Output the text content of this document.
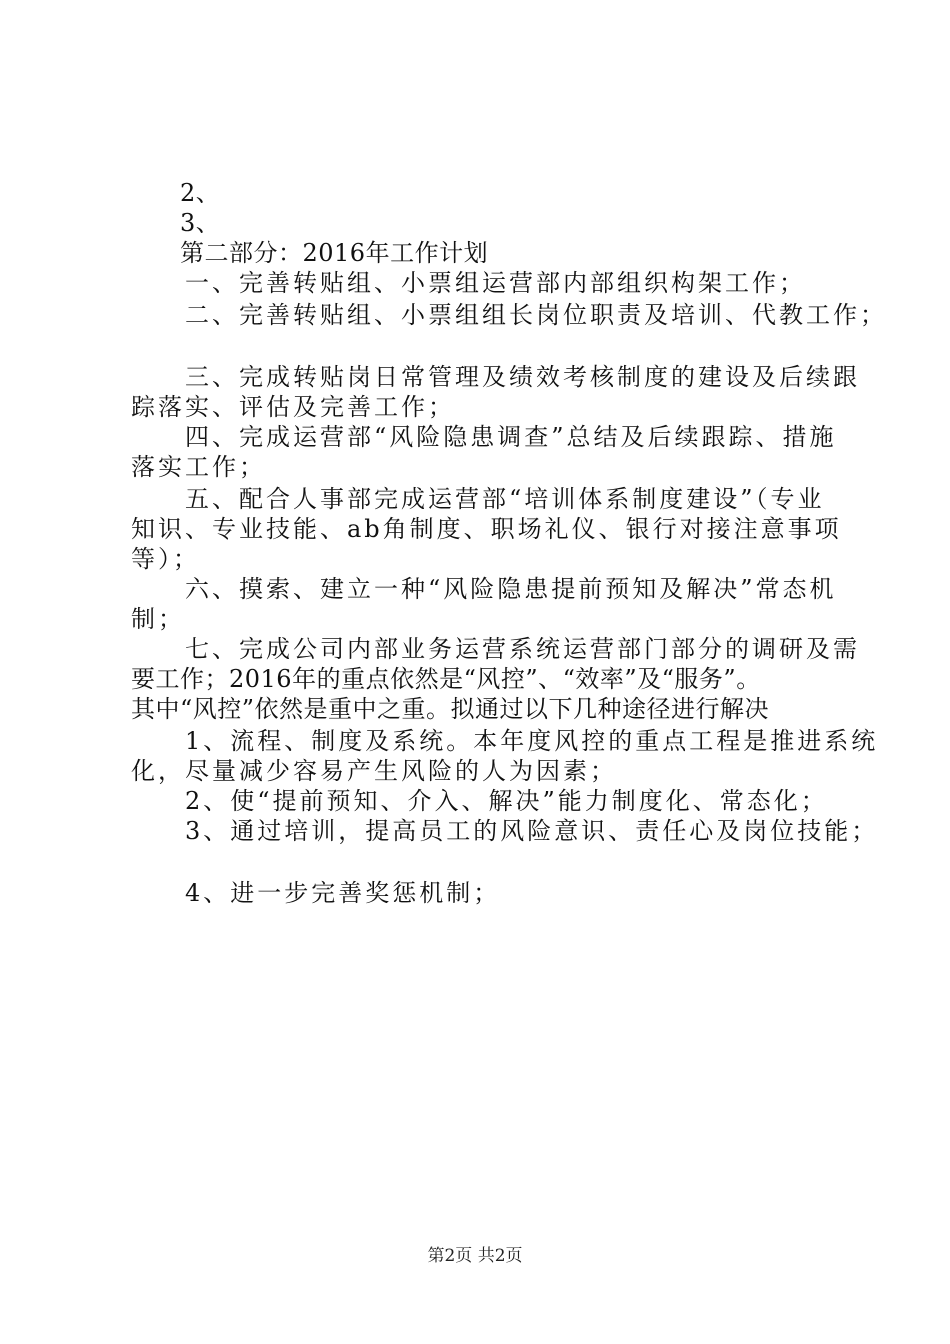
　　2、
　　3、
　　第二部分：2016年工作计划
　　一、完善转贴组、小票组运营部内部组织构架工作；
　　二、完善转贴组、小票组组长岗位职责及培训、代教工作；
　　三、完成转贴岗日常管理及绩效考核制度的建设及后续跟
踪落实、评估及完善工作；
　　四、完成运营部“风险隐患调查”总结及后续跟踪、措施
落实工作；
　　五、配合人事部完成运营部“培训体系制度建设”（专业
知识、专业技能、ab角制度、职场礼仪、银行对接注意事项
等）；
　　六、摸索、建立一种“风险隐患提前预知及解决”常态机
制；
　　七、完成公司内部业务运营系统运营部门部分的调研及需
要工作；2016年的重点依然是“风控”、“效率”及“服务”。
其中“风控”依然是重中之重。拟通过以下几种途径进行解决
　　1、流程、制度及系统。本年度风控的重点工程是推进系统
化，尽量减少容易产生风险的人为因素；
　　2、使“提前预知、介入、解决”能力制度化、常态化；
　　3、通过培训，提高员工的风险意识、责任心及岗位技能；
　　4、进一步完善奖惩机制；
第2页 共2页
